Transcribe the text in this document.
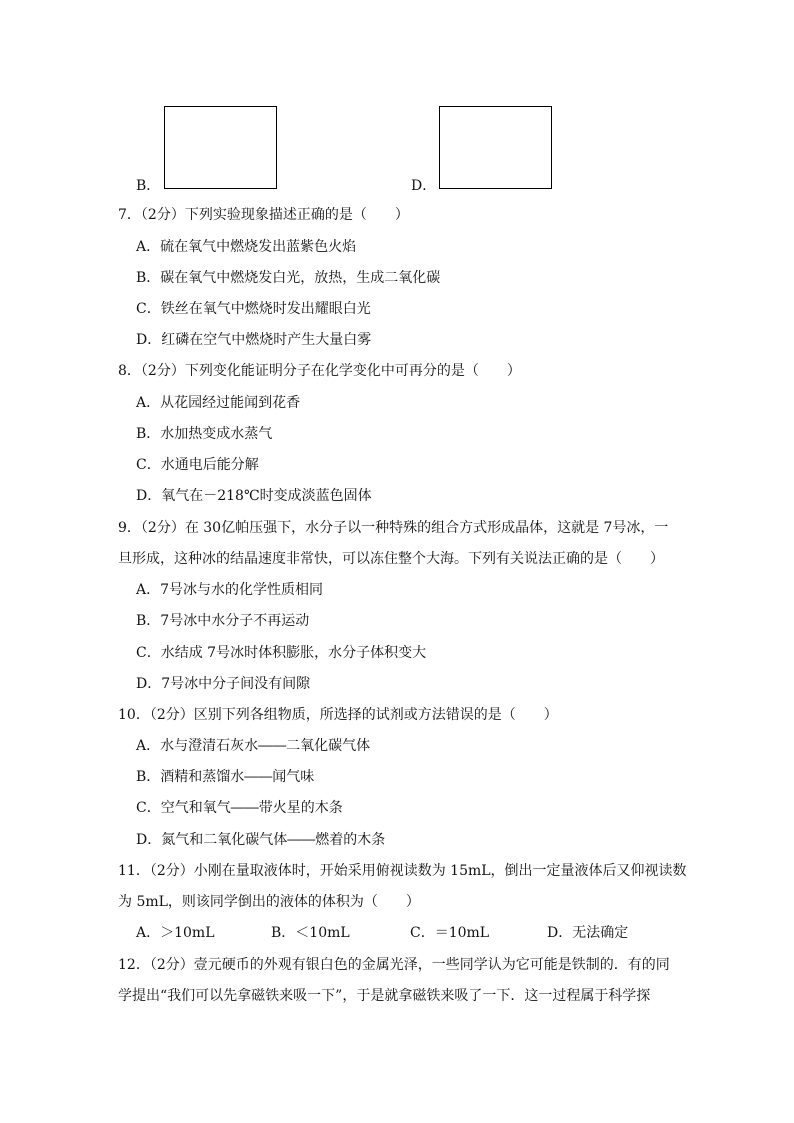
B．	D．
7．（2分）下列实验现象描述正确的是（　　）
A．硫在氧气中燃烧发出蓝紫色火焰
B．碳在氧气中燃烧发白光，放热，生成二氧化碳
C．铁丝在氧气中燃烧时发出耀眼白光
D．红磷在空气中燃烧时产生大量白雾
8．（2分）下列变化能证明分子在化学变化中可再分的是（　　）
A．从花园经过能闻到花香
B．水加热变成水蒸气
C．水通电后能分解
D．氧气在－218℃时变成淡蓝色固体
9．（2分）在 30亿帕压强下，水分子以一种特殊的组合方式形成晶体，这就是 7号冰，一
旦形成，这种冰的结晶速度非常快，可以冻住整个大海。下列有关说法正确的是（　　）
A．7号冰与水的化学性质相同
B．7号冰中水分子不再运动
C．水结成 7号冰时体积膨胀，水分子体积变大
D．7号冰中分子间没有间隙
10．（2分）区别下列各组物质，所选择的试剂或方法错误的是（　　）
A．水与澄清石灰水――二氧化碳气体
B．酒精和蒸馏水――闻气味
C．空气和氧气――带火星的木条
D．氮气和二氧化碳气体――燃着的木条
11．（2分）小刚在量取液体时，开始采用俯视读数为 15mL，倒出一定量液体后又仰视读数
为 5mL，则该同学倒出的液体的体积为（　　）
A．＞10mL	B．＜10mL	C．＝10mL	D．无法确定
12．（2分）壹元硬币的外观有银白色的金属光泽，一些同学认为它可能是铁制的．有的同
学提出“我们可以先拿磁铁来吸一下”，于是就拿磁铁来吸了一下．这一过程属于科学探
